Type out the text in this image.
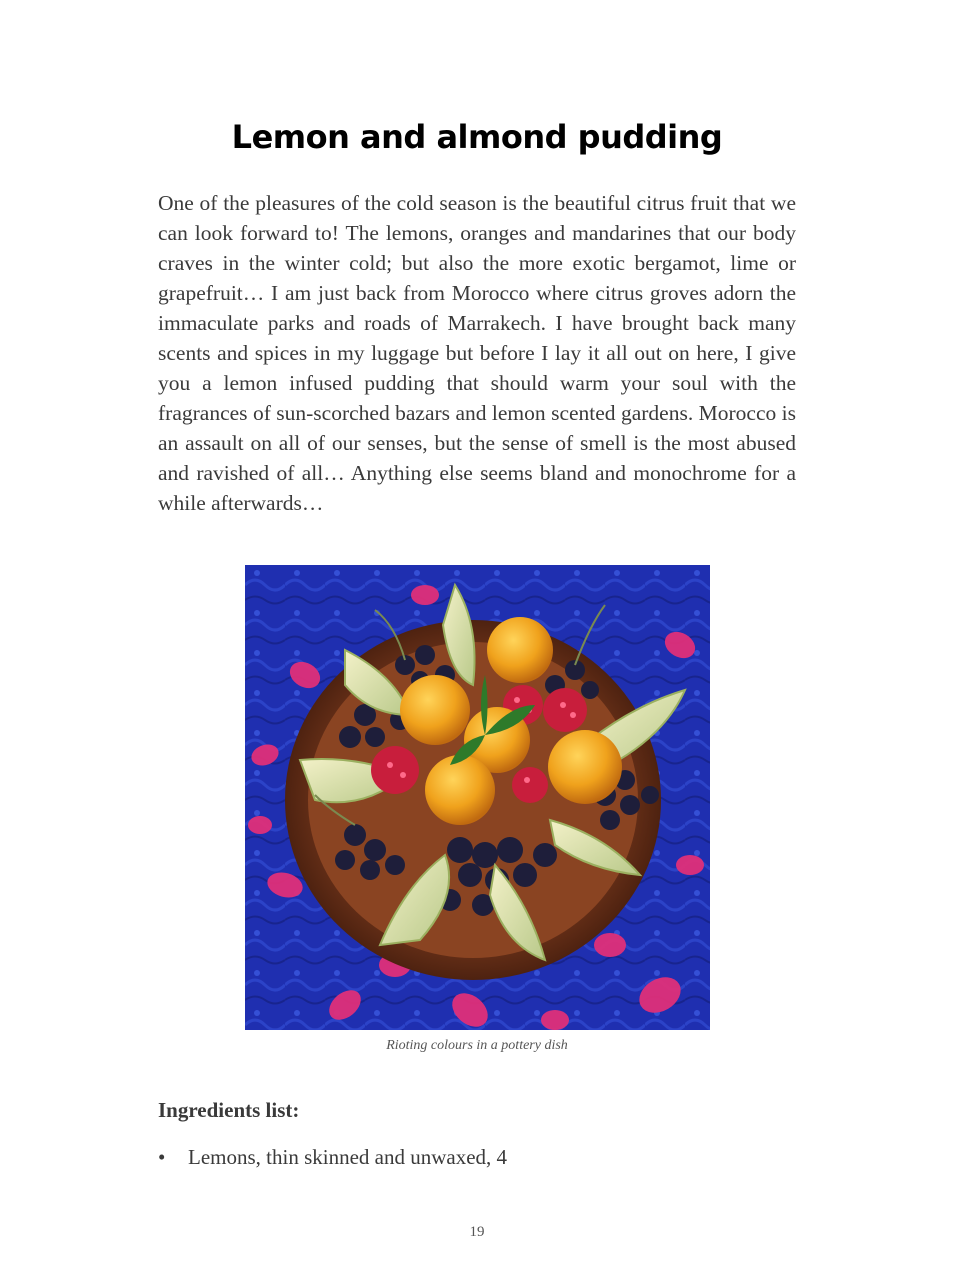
Lemon and almond pudding

One of the pleasures of the cold season is the beautiful citrus fruit that we can look forward to! The lemons, oranges and mandarines that our body craves in the winter cold; but also the more exotic bergamot, lime or grapefruit… I am just back from Morocco where citrus groves adorn the immaculate parks and roads of Marrakech. I have brought back many scents and spices in my luggage but before I lay it all out on here, I give you a lemon infused pudding that should warm your soul with the fragrances of sun-scorched bazars and lemon scented gardens. Morocco is an assault on all of our senses, but the sense of smell is the most abused and ravished of all… Anything else seems bland and monochrome for a while afterwards…

Rioting colours in a pottery dish
Ingredients list:
• Lemons, thin skinned and unwaxed, 4
19
